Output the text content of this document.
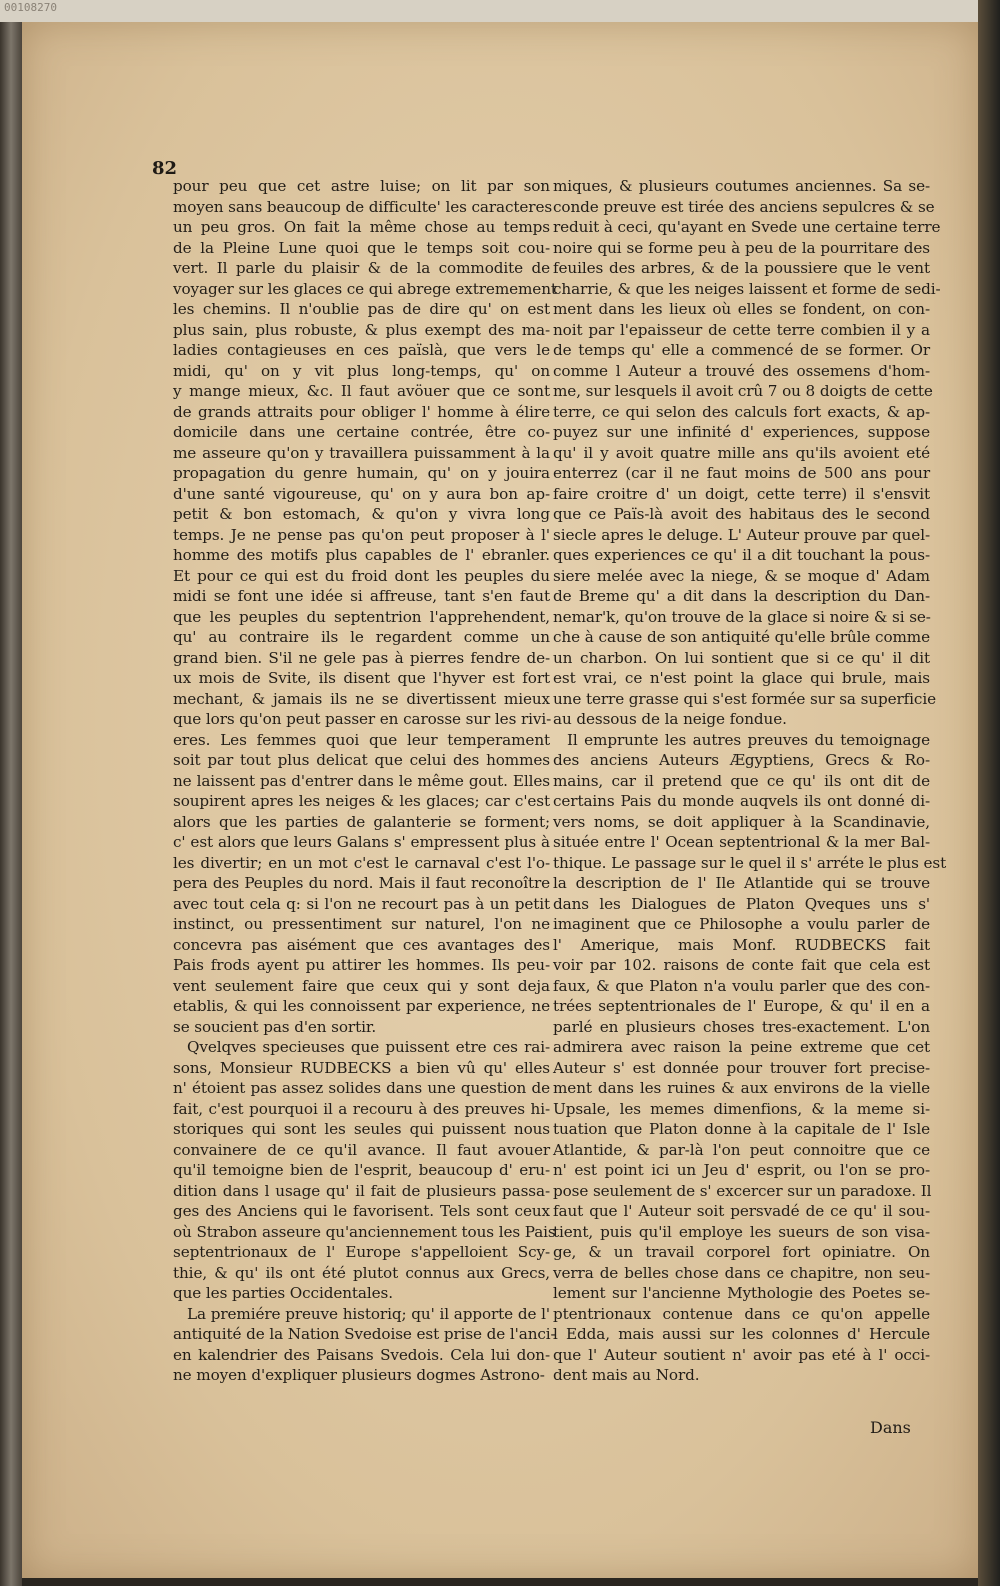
00108270
82
pour peu que cet astre luise; on lit par son
moyen sans beaucoup de difficulte' les caracteres
un peu gros. On fait la même chose au temps
de la Pleine Lune quoi que le temps soit cou-
vert. Il parle du plaisir & de la commodite de
voyager sur les glaces ce qui abrege extremement
les chemins. Il n'oublie pas de dire qu' on est
plus sain, plus robuste, & plus exempt des ma-
ladies contagieuses en ces païslà, que vers le
midi, qu' on y vit plus long-temps, qu' on
y mange mieux, &c. Il faut avöuer que ce sont
de grands attraits pour obliger l' homme à élire
domicile dans une certaine contrée, être co-
me asseure qu'on y travaillera puissamment à la
propagation du genre humain, qu' on y jouira
d'une santé vigoureuse, qu' on y aura bon ap-
petit & bon estomach, & qu'on y vivra long
temps. Je ne pense pas qu'on peut proposer à l'
homme des motifs plus capables de l' ebranler.
Et pour ce qui est du froid dont les peuples du
midi se font une idée si affreuse, tant s'en faut
que les peuples du septentrion l'apprehendent,
qu' au contraire ils le regardent comme un
grand bien. S'il ne gele pas à pierres fendre de-
ux mois de Svite, ils disent que l'hyver est fort
mechant, & jamais ils ne se divertissent mieux
que lors qu'on peut passer en carosse sur les rivi-
eres. Les femmes quoi que leur temperament
soit par tout plus delicat que celui des hommes
ne laissent pas d'entrer dans le même gout. Elles
soupirent apres les neiges & les glaces; car c'est
alors que les parties de galanterie se forment;
c' est alors que leurs Galans s' empressent plus à
les divertir; en un mot c'est le carnaval c'est l'o-
pera des Peuples du nord. Mais il faut reconoître
avec tout cela q: si l'on ne recourt pas à un petit
instinct, ou pressentiment sur naturel, l'on ne
concevra pas aisément que ces avantages des
Pais frods ayent pu attirer les hommes. Ils peu-
vent seulement faire que ceux qui y sont deja
etablis, & qui les connoissent par experience, ne
se soucient pas d'en sortir.
Qvelqves specieuses que puissent etre ces rai-
sons, Monsieur RUDBECKS a bien vû qu' elles
n' étoient pas assez solides dans une question de
fait, c'est pourquoi il a recouru à des preuves hi-
storiques qui sont les seules qui puissent nous
convainere de ce qu'il avance. Il faut avouer
qu'il temoigne bien de l'esprit, beaucoup d' eru-
dition dans l usage qu' il fait de plusieurs passa-
ges des Anciens qui le favorisent. Tels sont ceux
où Strabon asseure qu'anciennement tous les Pais
septentrionaux de l' Europe s'appelloient Scy-
thie, & qu' ils ont été plutot connus aux Grecs,
que les parties Occidentales.
La premiére preuve historiq; qu' il apporte de l'
antiquité de la Nation Svedoise est prise de l'anci-
en kalendrier des Paisans Svedois. Cela lui don-
ne moyen d'expliquer plusieurs dogmes Astrono-
miques, & plusieurs coutumes anciennes. Sa se-
conde preuve est tirée des anciens sepulcres & se
reduit à ceci, qu'ayant en Svede une certaine terre
noire qui se forme peu à peu de la pourritare des
feuiles des arbres, & de la poussiere que le vent
charrie, & que les neiges laissent et forme de sedi-
ment dans les lieux où elles se fondent, on con-
noit par l'epaisseur de cette terre combien il y a
de temps qu' elle a commencé de se former. Or
comme l Auteur a trouvé des ossemens d'hom-
me, sur lesquels il avoit crû 7 ou 8 doigts de cette
terre, ce qui selon des calculs fort exacts, & ap-
puyez sur une infinité d' experiences, suppose
qu' il y avoit quatre mille ans qu'ils avoient eté
enterrez (car il ne faut moins de 500 ans pour
faire croitre d' un doigt, cette terre) il s'ensvit
que ce Païs-là avoit des habitaus des le second
siecle apres le deluge. L' Auteur prouve par quel-
ques experiences ce qu' il a dit touchant la pous-
siere melée avec la niege, & se moque d' Adam
de Breme qu' a dit dans la description du Dan-
nemar'k, qu'on trouve de la glace si noire & si se-
che à cause de son antiquité qu'elle brûle comme
un charbon. On lui sontient que si ce qu' il dit
est vrai, ce n'est point la glace qui brule, mais
une terre grasse qui s'est formée sur sa superficie
au dessous de la neige fondue.
Il emprunte les autres preuves du temoignage
des anciens Auteurs Ægyptiens, Grecs & Ro-
mains, car il pretend que ce qu' ils ont dit de
certains Pais du monde auqvels ils ont donné di-
vers noms, se doit appliquer à la Scandinavie,
située entre l' Ocean septentrional & la mer Bal-
thique. Le passage sur le quel il s' arréte le plus est
la description de l' Ile Atlantide qui se trouve
dans les Dialogues de Platon Qveques uns s'
imaginent que ce Philosophe a voulu parler de
l' Amerique, mais Monf. RUDBECKS fait
voir par 102. raisons de conte fait que cela est
faux, & que Platon n'a voulu parler que des con-
trées septentrionales de l' Europe, & qu' il en a
parlé en plusieurs choses tres-exactement. L'on
admirera avec raison la peine extreme que cet
Auteur s' est donnée pour trouver fort precise-
ment dans les ruines & aux environs de la vielle
Upsale, les memes dimenfions, & la meme si-
tuation que Platon donne à la capitale de l' Isle
Atlantide, & par-là l'on peut connoitre que ce
n' est point ici un Jeu d' esprit, ou l'on se pro-
pose seulement de s' excercer sur un paradoxe. Il
faut que l' Auteur soit persvadé de ce qu' il sou-
tient, puis qu'il employe les sueurs de son visa-
ge, & un travail corporel fort opiniatre. On
verra de belles chose dans ce chapitre, non seu-
lement sur l'ancienne Mythologie des Poetes se-
ptentrionaux contenue dans ce qu'on appelle
l Edda, mais aussi sur les colonnes d' Hercule
que l' Auteur soutient n' avoir pas eté à l' occi-
dent mais au Nord.
Dans
